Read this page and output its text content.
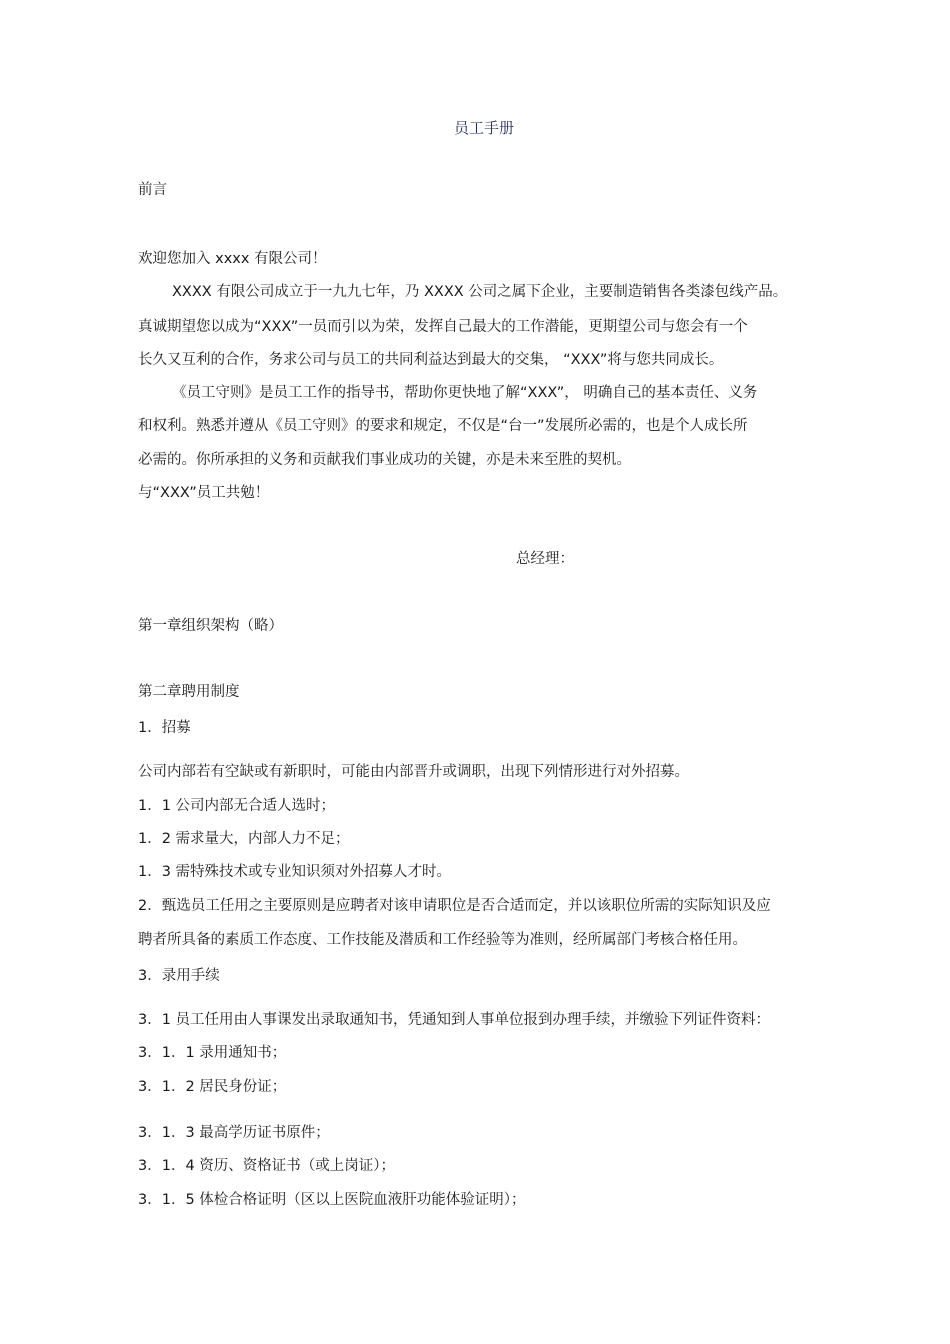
员工手册
前言
欢迎您加入 xxxx 有限公司！
XXXX 有限公司成立于一九九七年，乃 XXXX 公司之属下企业，主要制造销售各类漆包线产品。
真诚期望您以成为“XXX”一员而引以为荣，发挥自己最大的工作潜能，更期望公司与您会有一个
长久又互利的合作，务求公司与员工的共同利益达到最大的交集， “XXX”将与您共同成长。
《员工守则》是员工工作的指导书，帮助你更快地了解“XXX”， 明确自己的基本责任、义务
和权利。熟悉并遵从《员工守则》的要求和规定，不仅是“台一”发展所必需的，也是个人成长所
必需的。你所承担的义务和贡献我们事业成功的关键，亦是未来至胜的契机。
与“XXX”员工共勉！
总经理：
第一章组织架构（略）
第二章聘用制度
1．招募
公司内部若有空缺或有新职时，可能由内部晋升或调职，出现下列情形进行对外招募。
1．1 公司内部无合适人选时；
1．2 需求量大，内部人力不足；
1．3 需特殊技术或专业知识须对外招募人才时。
2．甄选员工任用之主要原则是应聘者对该申请职位是否合适而定，并以该职位所需的实际知识及应
聘者所具备的素质工作态度、工作技能及潜质和工作经验等为准则，经所属部门考核合格任用。
3．录用手续
3．1 员工任用由人事课发出录取通知书，凭通知到人事单位报到办理手续，并缴验下列证件资料：
3．1．1 录用通知书；
3．1．2 居民身份证；
3．1．3 最高学历证书原件；
3．1．4 资历、资格证书（或上岗证）；
3．1．5 体检合格证明（区以上医院血液肝功能体验证明）；
